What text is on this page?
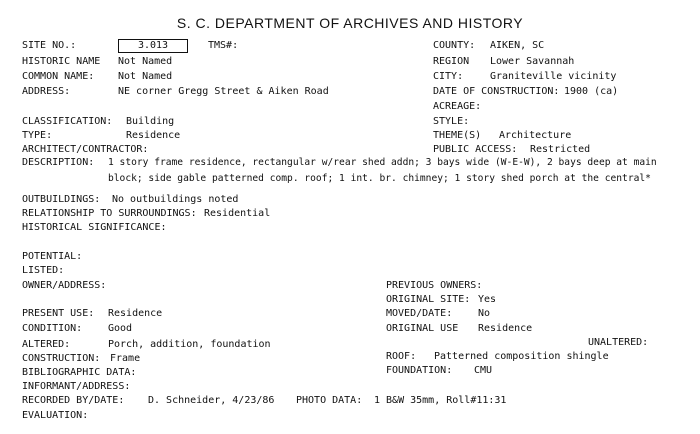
S. C. DEPARTMENT OF ARCHIVES AND HISTORY
SITE NO.:	3.013	TMS#:	COUNTY: AIKEN, SC
HISTORIC NAME Not Named	REGION Lower Savannah
COMMON NAME: Not Named	CITY:	Graniteville vicinity
ADDRESS:	NE corner Gregg Street & Aiken Road	DATE OF CONSTRUCTION: 1900 (ca)
ACREAGE:
CLASSIFICATION: Building	STYLE:
TYPE:	Residence	THEME(S) Architecture
ARCHITECT/CONTRACTOR:	PUBLIC ACCESS: Restricted
DESCRIPTION: 1 story frame residence, rectangular w/rear shed addn; 3 bays wide (W-E-W), 2 bays deep at main
block; side gable patterned comp. roof; 1 int. br. chimney; 1 story shed porch at the central*
OUTBUILDINGS: No outbuildings noted
RELATIONSHIP TO SURROUNDINGS: Residential
HISTORICAL SIGNIFICANCE:
POTENTIAL:
LISTED:
OWNER/ADDRESS:	PREVIOUS OWNERS:
ORIGINAL SITE: Yes
PRESENT USE: Residence	MOVED/DATE:	No
CONDITION:	Good	ORIGINAL USE Residence
UNALTERED:
ALTERED:	Porch, addition, foundation
CONSTRUCTION: Frame	ROOF: Patterned composition shingle
BIBLIOGRAPHIC DATA:	FOUNDATION: CMU
INFORMANT/ADDRESS:
RECORDED BY/DATE: D. Schneider, 4/23/86 PHOTO DATA: 1 B&W 35mm, Roll#11:31
EVALUATION:
